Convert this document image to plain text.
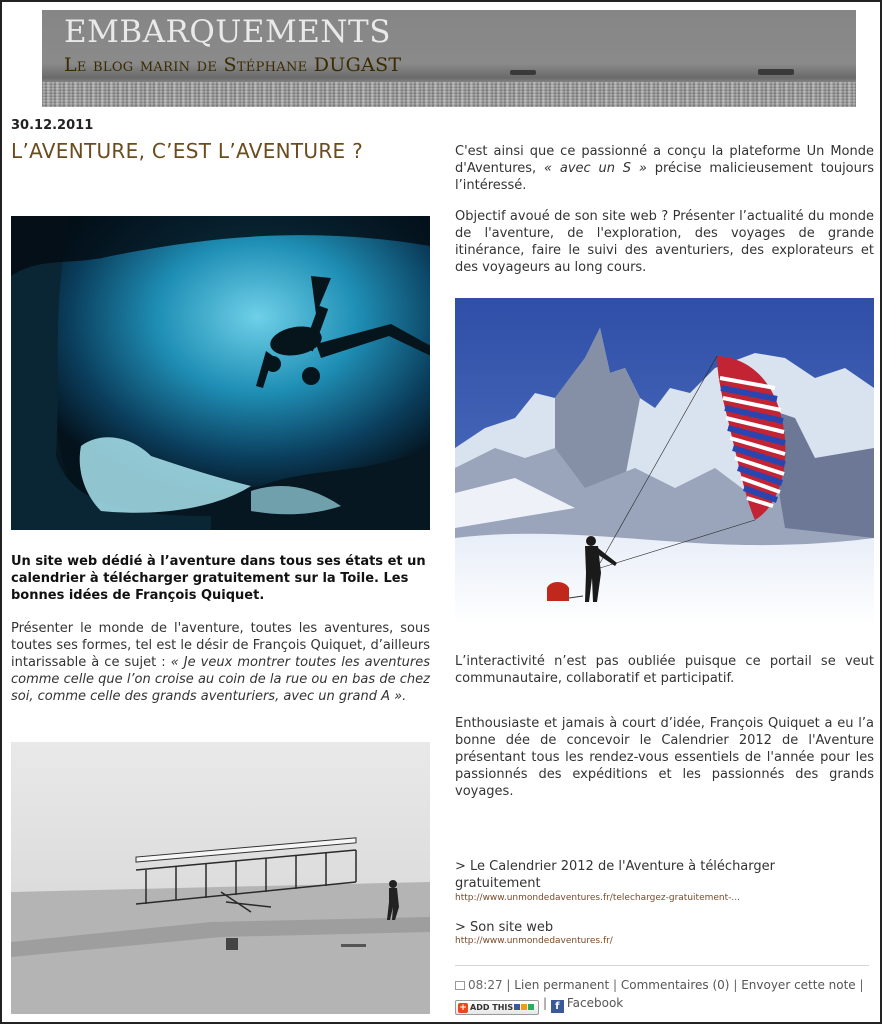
EMBARQUEMENTS
Le blog marin de Stéphane DUGAST
30.12.2011
L’AVENTURE, C’EST L’AVENTURE ?
Un site web dédié à l’aventure dans tous ses états et un calendrier à télécharger gratuitement sur la Toile. Les bonnes idées de François Quiquet.
Présenter le monde de l'aventure, toutes les aventures, sous toutes ses formes, tel est le désir de François Quiquet, d’ailleurs intarissable à ce sujet : « Je veux montrer toutes les aventures comme celle que l’on croise au coin de la rue ou en bas de chez soi, comme celle des grands aventuriers, avec un grand A ».
C'est ainsi que ce passionné a conçu la plateforme Un Monde d'Aventures, « avec un S » précise malicieusement toujours l’intéressé.
Objectif avoué de son site web ? Présenter l’actualité du monde de l'aventure, de l'exploration, des voyages de grande itinérance, faire le suivi des aventuriers, des explorateurs et des voyageurs au long cours.
L’interactivité n’est pas oubliée puisque ce portail se veut communautaire, collaboratif et participatif.
Enthousiaste et jamais à court d’idée, François Quiquet a eu l’a bonne dée de concevoir le Calendrier 2012 de l'Aventure présentant tous les rendez-vous essentiels de l'année pour les passionnés des expéditions et les passionnés des grands voyages.
> Le Calendrier 2012 de l'Aventure à télécharger gratuitement
http://www.unmondedaventures.fr/telechargez-gratuitement-...
> Son site web
http://www.unmondedaventures.fr/
08:27 | Lien permanent | Commentaires (0) | Envoyer cette note | + ADD THIS | f Facebook
